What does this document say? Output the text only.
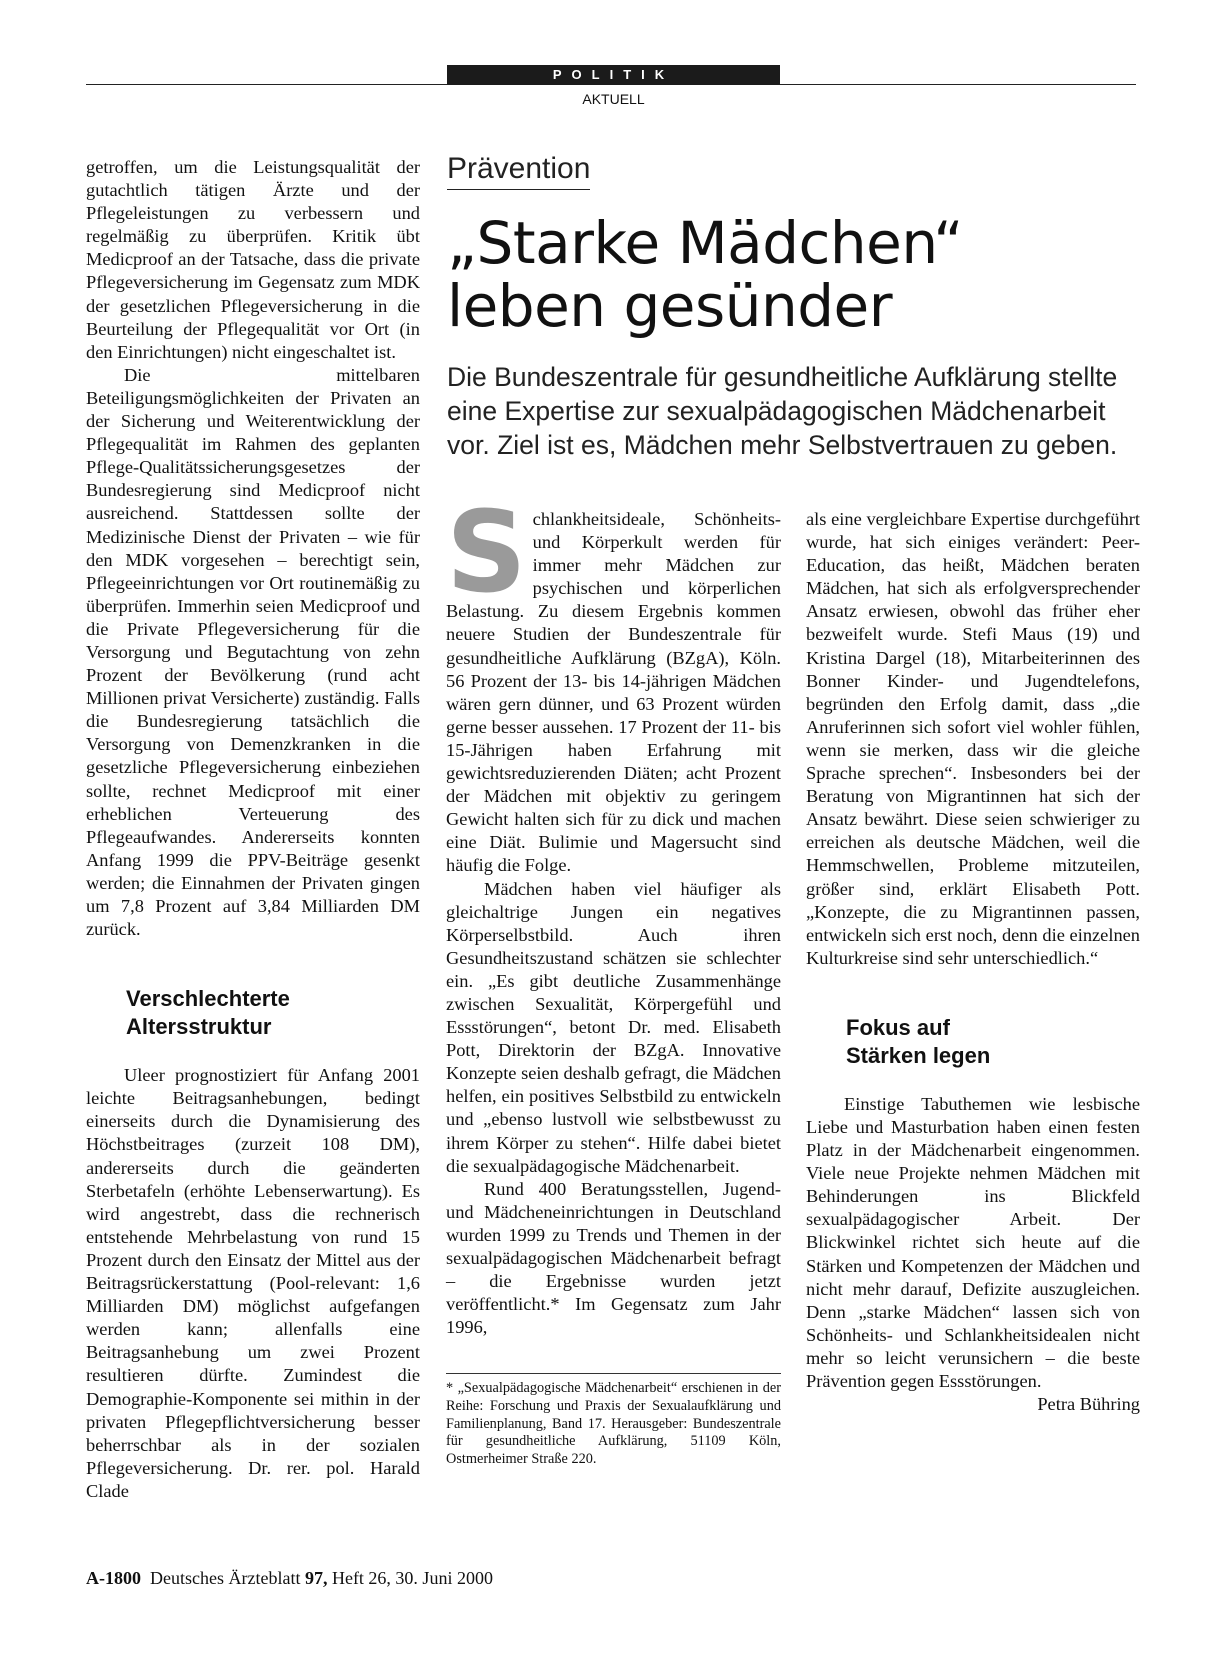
POLITIK
AKTUELL

getroffen, um die Leistungsqualität der gutachtlich tätigen Ärzte und der Pflegeleistungen zu verbessern und regelmäßig zu überprüfen. Kritik übt Medicproof an der Tatsache, dass die private Pflegeversicherung im Gegensatz zum MDK der gesetzlichen Pflegeversicherung in die Beurteilung der Pflegequalität vor Ort (in den Einrichtungen) nicht eingeschaltet ist.

Die mittelbaren Beteiligungsmöglichkeiten der Privaten an der Sicherung und Weiterentwicklung der Pflegequalität im Rahmen des geplanten Pflege-Qualitätssicherungsgesetzes der Bundesregierung sind Medicproof nicht ausreichend. Stattdessen sollte der Medizinische Dienst der Privaten – wie für den MDK vorgesehen – berechtigt sein, Pflegeeinrichtungen vor Ort routinemäßig zu überprüfen. Immerhin seien Medicproof und die Private Pflegeversicherung für die Versorgung und Begutachtung von zehn Prozent der Bevölkerung (rund acht Millionen privat Versicherte) zuständig. Falls die Bundesregierung tatsächlich die Versorgung von Demenzkranken in die gesetzliche Pflegeversicherung einbeziehen sollte, rechnet Medicproof mit einer erheblichen Verteuerung des Pflegeaufwandes. Andererseits konnten Anfang 1999 die PPV-Beiträge gesenkt werden; die Einnahmen der Privaten gingen um 7,8 Prozent auf 3,84 Milliarden DM zurück.

Verschlechterte
Altersstruktur

Uleer prognostiziert für Anfang 2001 leichte Beitragsanhebungen, bedingt einerseits durch die Dynamisierung des Höchstbeitrages (zurzeit 108 DM), andererseits durch die geänderten Sterbetafeln (erhöhte Lebenserwartung). Es wird angestrebt, dass die rechnerisch entstehende Mehrbelastung von rund 15 Prozent durch den Einsatz der Mittel aus der Beitragsrückerstattung (Pool-relevant: 1,6 Milliarden DM) möglichst aufgefangen werden kann; allenfalls eine Beitragsanhebung um zwei Prozent resultieren dürfte. Zumindest die Demographie-Komponente sei mithin in der privaten Pflegepflichtversicherung besser beherrschbar als in der sozialen Pflegeversicherung. Dr. rer. pol. Harald Clade

Prävention
„Starke Mädchen“
leben gesünder
Die Bundeszentrale für gesundheitliche Aufklärung stellte eine Expertise zur sexualpädagogischen Mädchenarbeit vor. Ziel ist es, Mädchen mehr Selbstvertrauen zu geben.

Schlankheitsideale, Schönheits- und Körperkult werden für immer mehr Mädchen zur psychischen und körperlichen Belastung. Zu diesem Ergebnis kommen neuere Studien der Bundeszentrale für gesundheitliche Aufklärung (BZgA), Köln. 56 Prozent der 13- bis 14-jährigen Mädchen wären gern dünner, und 63 Prozent würden gerne besser aussehen. 17 Prozent der 11- bis 15-Jährigen haben Erfahrung mit gewichtsreduzierenden Diäten; acht Prozent der Mädchen mit objektiv zu geringem Gewicht halten sich für zu dick und machen eine Diät. Bulimie und Magersucht sind häufig die Folge.

Mädchen haben viel häufiger als gleichaltrige Jungen ein negatives Körperselbstbild. Auch ihren Gesundheitszustand schätzen sie schlechter ein. „Es gibt deutliche Zusammenhänge zwischen Sexualität, Körpergefühl und Essstörungen“, betont Dr. med. Elisabeth Pott, Direktorin der BZgA. Innovative Konzepte seien deshalb gefragt, die Mädchen helfen, ein positives Selbstbild zu entwickeln und „ebenso lustvoll wie selbstbewusst zu ihrem Körper zu stehen“. Hilfe dabei bietet die sexualpädagogische Mädchenarbeit.

Rund 400 Beratungsstellen, Jugend- und Mädcheneinrichtungen in Deutschland wurden 1999 zu Trends und Themen in der sexualpädagogischen Mädchenarbeit befragt – die Ergebnisse wurden jetzt veröffentlicht.* Im Gegensatz zum Jahr 1996,

* „Sexualpädagogische Mädchenarbeit“ erschienen in der Reihe: Forschung und Praxis der Sexualaufklärung und Familienplanung, Band 17. Herausgeber: Bundeszentrale für gesundheitliche Aufklärung, 51109 Köln, Ostmerheimer Straße 220.

als eine vergleichbare Expertise durchgeführt wurde, hat sich einiges verändert: Peer-Education, das heißt, Mädchen beraten Mädchen, hat sich als erfolgversprechender Ansatz erwiesen, obwohl das früher eher bezweifelt wurde. Stefi Maus (19) und Kristina Dargel (18), Mitarbeiterinnen des Bonner Kinder- und Jugendtelefons, begründen den Erfolg damit, dass „die Anruferinnen sich sofort viel wohler fühlen, wenn sie merken, dass wir die gleiche Sprache sprechen“. Insbesonders bei der Beratung von Migrantinnen hat sich der Ansatz bewährt. Diese seien schwieriger zu erreichen als deutsche Mädchen, weil die Hemmschwellen, Probleme mitzuteilen, größer sind, erklärt Elisabeth Pott. „Konzepte, die zu Migrantinnen passen, entwickeln sich erst noch, denn die einzelnen Kulturkreise sind sehr unterschiedlich.“

Fokus auf
Stärken legen

Einstige Tabuthemen wie lesbische Liebe und Masturbation haben einen festen Platz in der Mädchenarbeit eingenommen. Viele neue Projekte nehmen Mädchen mit Behinderungen ins Blickfeld sexualpädagogischer Arbeit. Der Blickwinkel richtet sich heute auf die Stärken und Kompetenzen der Mädchen und nicht mehr darauf, Defizite auszugleichen. Denn „starke Mädchen“ lassen sich von Schönheits- und Schlankheitsidealen nicht mehr so leicht verunsichern – die beste Prävention gegen Essstörungen.
Petra Bühring

A-1800 Deutsches Ärzteblatt 97, Heft 26, 30. Juni 2000
